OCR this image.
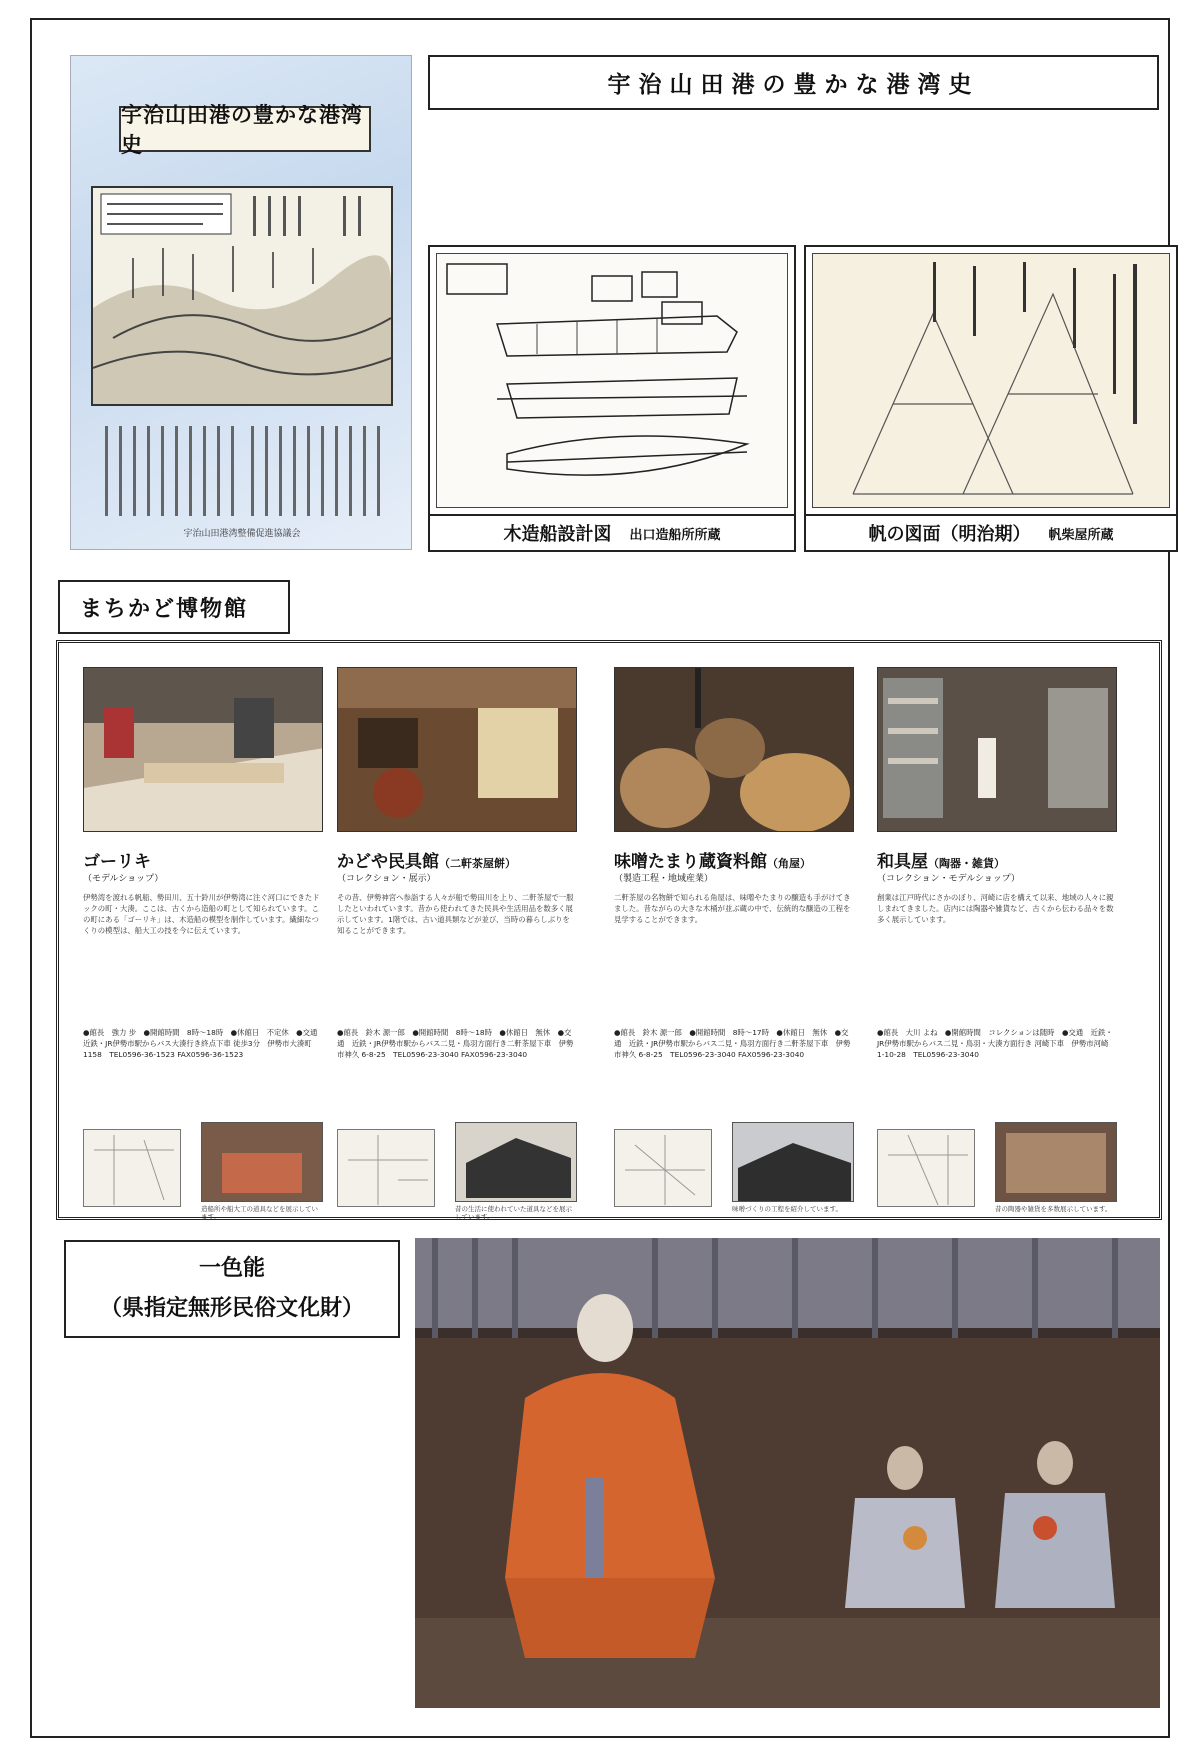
宇治山田港の豊かな港湾史
宇治山田港湾整備促進協議会
宇治山田港の豊かな港湾史
木造船設計図 出口造船所所蔵	帆の図面（明治期） 帆柴屋所蔵
まちかど博物館
ゴーリキ
（モデルショップ）
伊勢湾を渡れる帆船、勢田川、五十鈴川が伊勢湾に注ぐ河口にできたドックの町・大湊。ここは、古くから造船の町として知られています。この町にある「ゴーリキ」は、木造船の模型を制作しています。繊細なつくりの模型は、船大工の技を今に伝えています。
●館長　強力 步　●開館時間　8時〜18時　●休館日　不定休　●交通　近鉄・JR伊勢市駅からバス大湊行き終点下車 徒歩3分　伊勢市大湊町1158　TEL0596-36-1523 FAX0596-36-1523
造船所や船大工の道具などを展示しています。
かどや民具館（二軒茶屋餅）
（コレクション・展示）
その昔、伊勢神宮へ参詣する人々が船で勢田川を上り、二軒茶屋で一服したといわれています。昔から使われてきた民具や生活用品を数多く展示しています。1階では、古い道具類などが並び、当時の暮らしぶりを知ることができます。
●館長　鈴木 源一郎　●開館時間　8時〜18時　●休館日　無休　●交通　近鉄・JR伊勢市駅からバス二見・鳥羽方面行き二軒茶屋下車　伊勢市神久 6-8-25　TEL0596-23-3040 FAX0596-23-3040
昔の生活に使われていた道具などを展示しています。
味噌たまり蔵資料館（角屋）
（製造工程・地域産業）
二軒茶屋の名物餅で知られる角屋は、味噌やたまりの醸造も手がけてきました。昔ながらの大きな木桶が並ぶ蔵の中で、伝統的な醸造の工程を見学することができます。
●館長　鈴木 源一郎　●開館時間　8時〜17時　●休館日　無休　●交通　近鉄・JR伊勢市駅からバス二見・鳥羽方面行き二軒茶屋下車　伊勢市神久 6-8-25　TEL0596-23-3040 FAX0596-23-3040
味噌づくりの工程を紹介しています。
和具屋（陶器・雑貨）
（コレクション・モデルショップ）
創業は江戸時代にさかのぼり、河崎に店を構えて以来、地域の人々に親しまれてきました。店内には陶器や雑貨など、古くから伝わる品々を数多く展示しています。
●館長　大川 よね　●開館時間　コレクションは随時　●交通　近鉄・JR伊勢市駅からバス二見・鳥羽・大湊方面行き 河崎下車　伊勢市河崎 1-10-28　TEL0596-23-3040
昔の陶器や雑貨を多数展示しています。
一色能
（県指定無形民俗文化財）
